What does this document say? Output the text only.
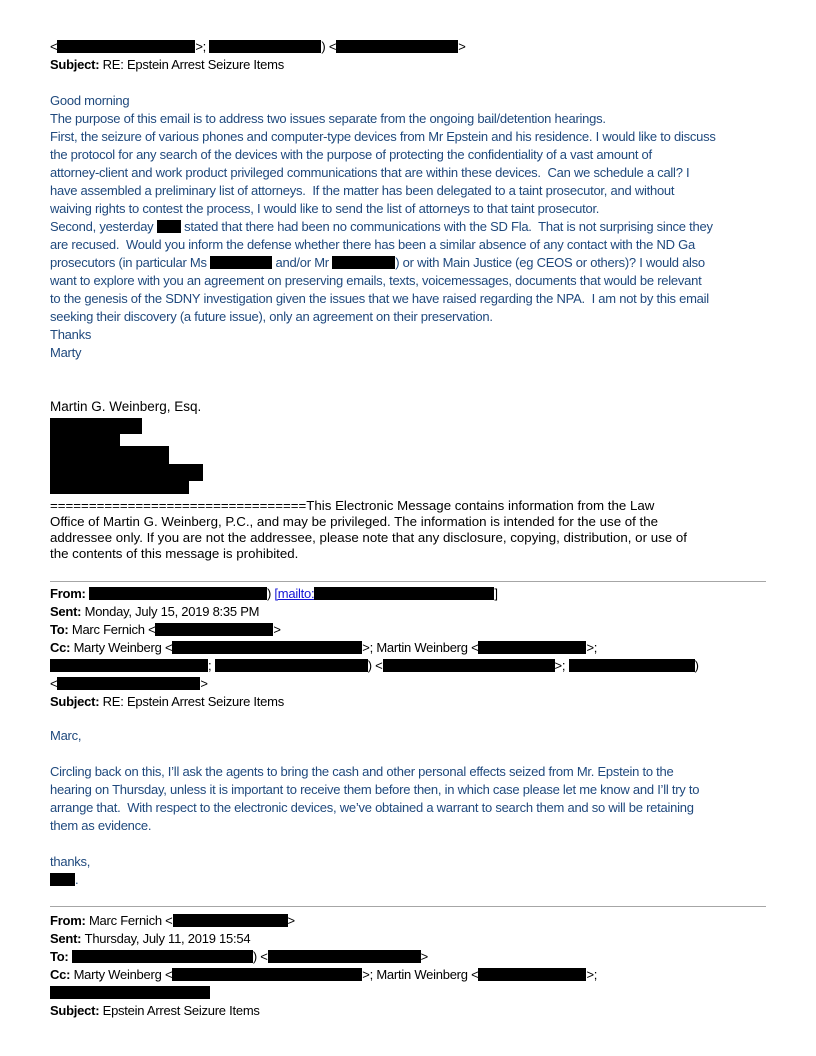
<	>;	) <	>
Subject: RE: Epstein Arrest Seizure Items
Good morning
The purpose of this email is to address two issues separate from the ongoing bail/detention hearings.
First, the seizure of various phones and computer-type devices from Mr Epstein and his residence. I would like to discuss
the protocol for any search of the devices with the purpose of protecting the confidentiality of a vast amount of
attorney-client and work product privileged communications that are within these devices.  Can we schedule a call? I
have assembled a preliminary list of attorneys.  If the matter has been delegated to a taint prosecutor, and without
waiving rights to contest the process, I would like to send the list of attorneys to that taint prosecutor.
Second, yesterday  stated that there had been no communications with the SD Fla.  That is not surprising since they
are recused.  Would you inform the defense whether there has been a similar absence of any contact with the ND Ga
prosecutors (in particular Ms	and/or Mr	) or with Main Justice (eg CEOS or others)? I would also
want to explore with you an agreement on preserving emails, texts, voicemessages, documents that would be relevant
to the genesis of the SDNY investigation given the issues that we have raised regarding the NPA.  I am not by this email
seeking their discovery (a future issue), only an agreement on their preservation.
Thanks
Marty
Martin G. Weinberg, Esq.
=================================This Electronic Message contains information from the Law
Office of Martin G. Weinberg, P.C., and may be privileged. The information is intended for the use of the
addressee only. If you are not the addressee, please note that any disclosure, copying, distribution, or use of
the contents of this message is prohibited.
From:	) [mailto:	]
Sent: Monday, July 15, 2019 8:35 PM
To: Marc Fernich <	>
Cc: Marty Weinberg <	>; Martin Weinberg <	>;
;	) <	>;	)
<	>
Subject: RE: Epstein Arrest Seizure Items
Marc,
Circling back on this, I’ll ask the agents to bring the cash and other personal effects seized from Mr. Epstein to the
hearing on Thursday, unless it is important to receive them before then, in which case please let me know and I’ll try to
arrange that.  With respect to the electronic devices, we’ve obtained a warrant to search them and so will be retaining
them as evidence.
thanks,
.
From: Marc Fernich <	>
Sent: Thursday, July 11, 2019 15:54
To:	) <	>
Cc: Marty Weinberg <	>; Martin Weinberg <	>;
Subject: Epstein Arrest Seizure Items
